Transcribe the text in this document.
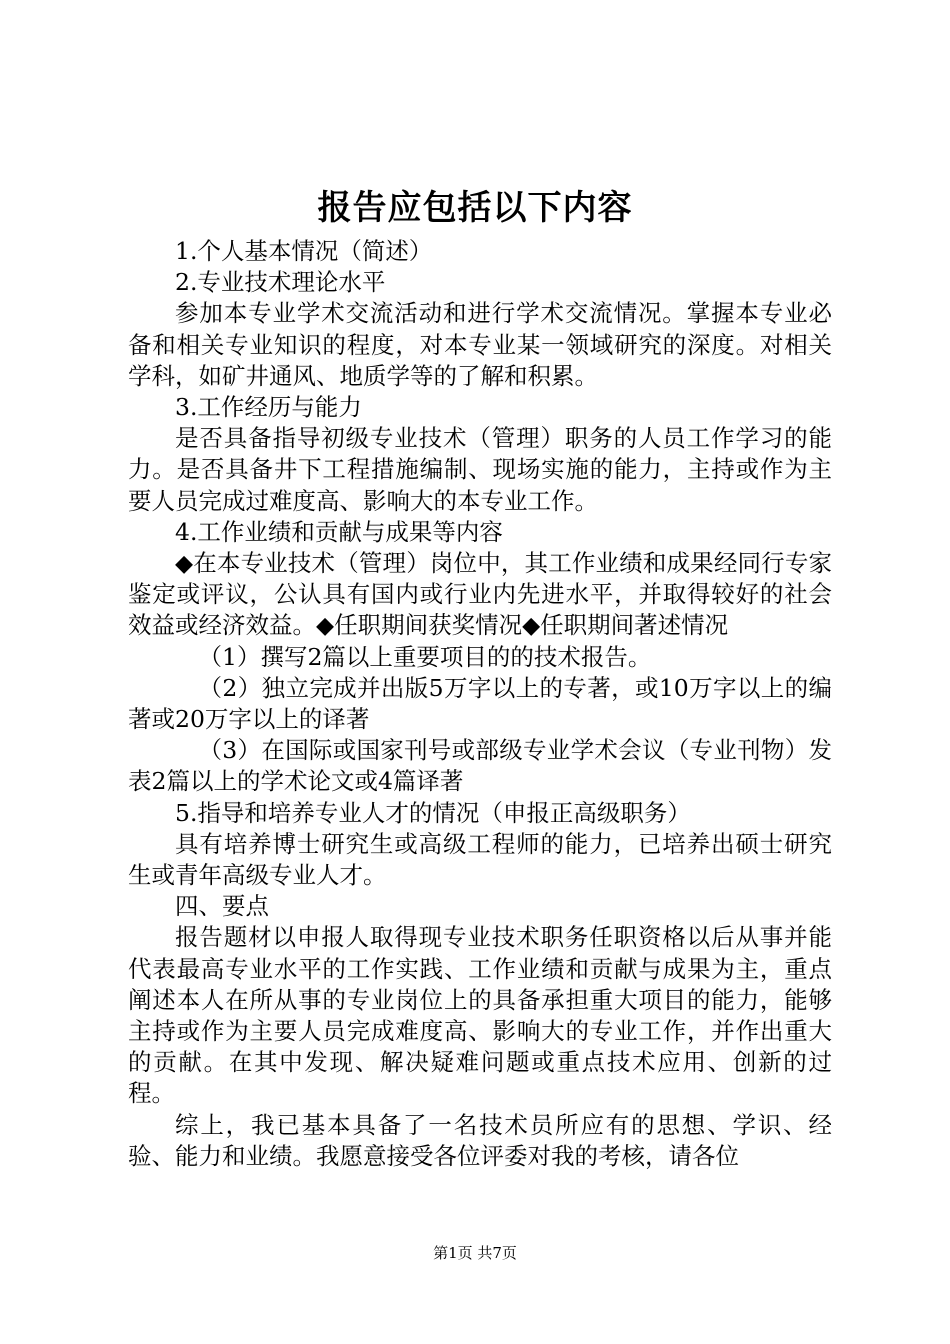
报告应包括以下内容

1.个人基本情况（简述）

2.专业技术理论水平

参加本专业学术交流活动和进行学术交流情况。掌握本专业必备和相关专业知识的程度，对本专业某一领域研究的深度。对相关学科，如矿井通风、地质学等的了解和积累。

3.工作经历与能力

是否具备指导初级专业技术（管理）职务的人员工作学习的能力。是否具备井下工程措施编制、现场实施的能力，主持或作为主要人员完成过难度高、影响大的本专业工作。

4.工作业绩和贡献与成果等内容

◆在本专业技术（管理）岗位中，其工作业绩和成果经同行专家鉴定或评议，公认具有国内或行业内先进水平，并取得较好的社会效益或经济效益。◆任职期间获奖情况◆任职期间著述情况

（1）撰写2篇以上重要项目的的技术报告。

（2）独立完成并出版5万字以上的专著，或10万字以上的编著或20万字以上的译著

（3）在国际或国家刊号或部级专业学术会议（专业刊物）发表2篇以上的学术论文或4篇译著

5.指导和培养专业人才的情况（申报正高级职务）

具有培养博士研究生或高级工程师的能力，已培养出硕士研究生或青年高级专业人才。

四、要点

报告题材以申报人取得现专业技术职务任职资格以后从事并能代表最高专业水平的工作实践、工作业绩和贡献与成果为主，重点阐述本人在所从事的专业岗位上的具备承担重大项目的能力，能够主持或作为主要人员完成难度高、影响大的专业工作，并作出重大的贡献。在其中发现、解决疑难问题或重点技术应用、创新的过程。

综上，我已基本具备了一名技术员所应有的思想、学识、经验、能力和业绩。我愿意接受各位评委对我的考核，请各位

第1页 共7页
